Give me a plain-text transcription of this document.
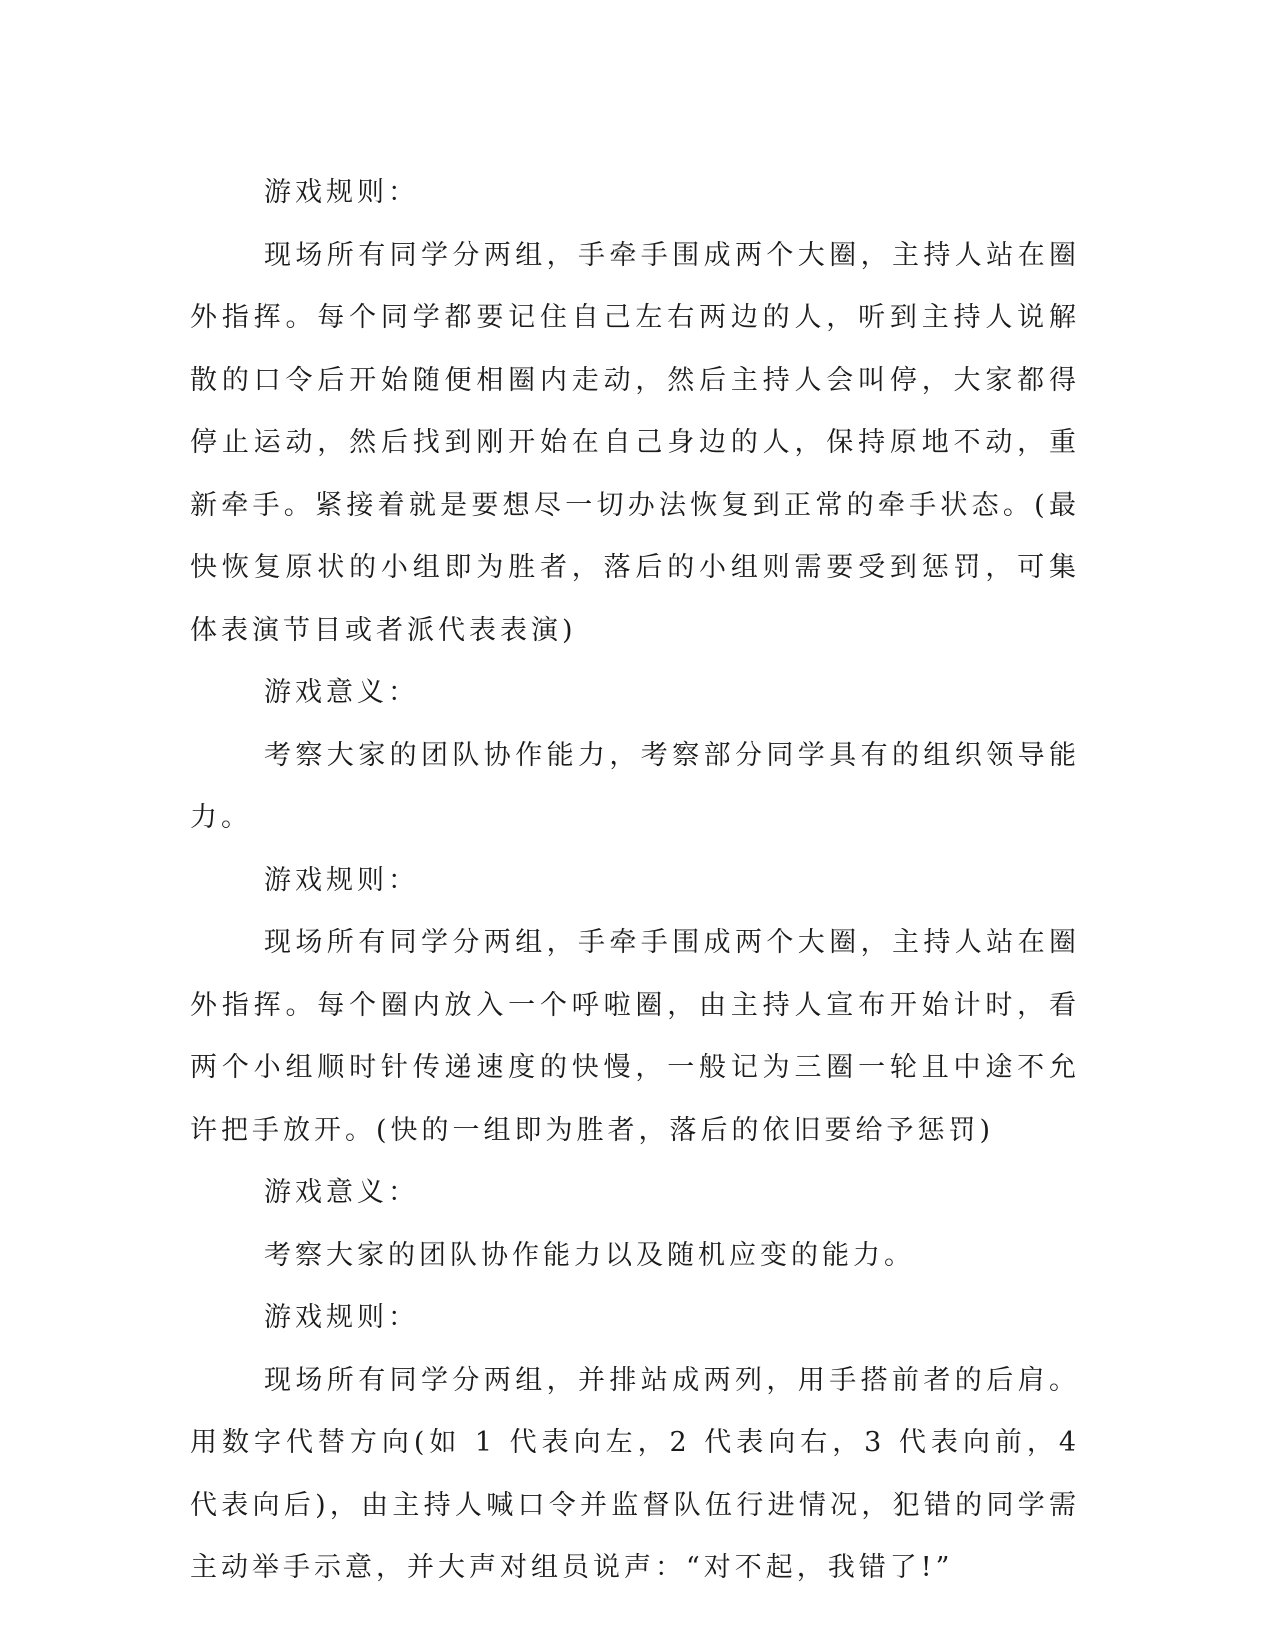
游戏规则：

现场所有同学分两组，手牵手围成两个大圈，主持人站在圈外指挥。每个同学都要记住自己左右两边的人，听到主持人说解散的口令后开始随便相圈内走动，然后主持人会叫停，大家都得停止运动，然后找到刚开始在自己身边的人，保持原地不动，重新牵手。紧接着就是要想尽一切办法恢复到正常的牵手状态。(最快恢复原状的小组即为胜者，落后的小组则需要受到惩罚，可集体表演节目或者派代表表演)

游戏意义：

考察大家的团队协作能力，考察部分同学具有的组织领导能力。

游戏规则：

现场所有同学分两组，手牵手围成两个大圈，主持人站在圈外指挥。每个圈内放入一个呼啦圈，由主持人宣布开始计时，看两个小组顺时针传递速度的快慢，一般记为三圈一轮且中途不允许把手放开。(快的一组即为胜者，落后的依旧要给予惩罚)

游戏意义：

考察大家的团队协作能力以及随机应变的能力。

游戏规则：

现场所有同学分两组，并排站成两列，用手搭前者的后肩。用数字代替方向(如 1 代表向左，2 代表向右，3 代表向前，4 代表向后)，由主持人喊口令并监督队伍行进情况，犯错的同学需主动举手示意，并大声对组员说声：“对不起，我错了!”
